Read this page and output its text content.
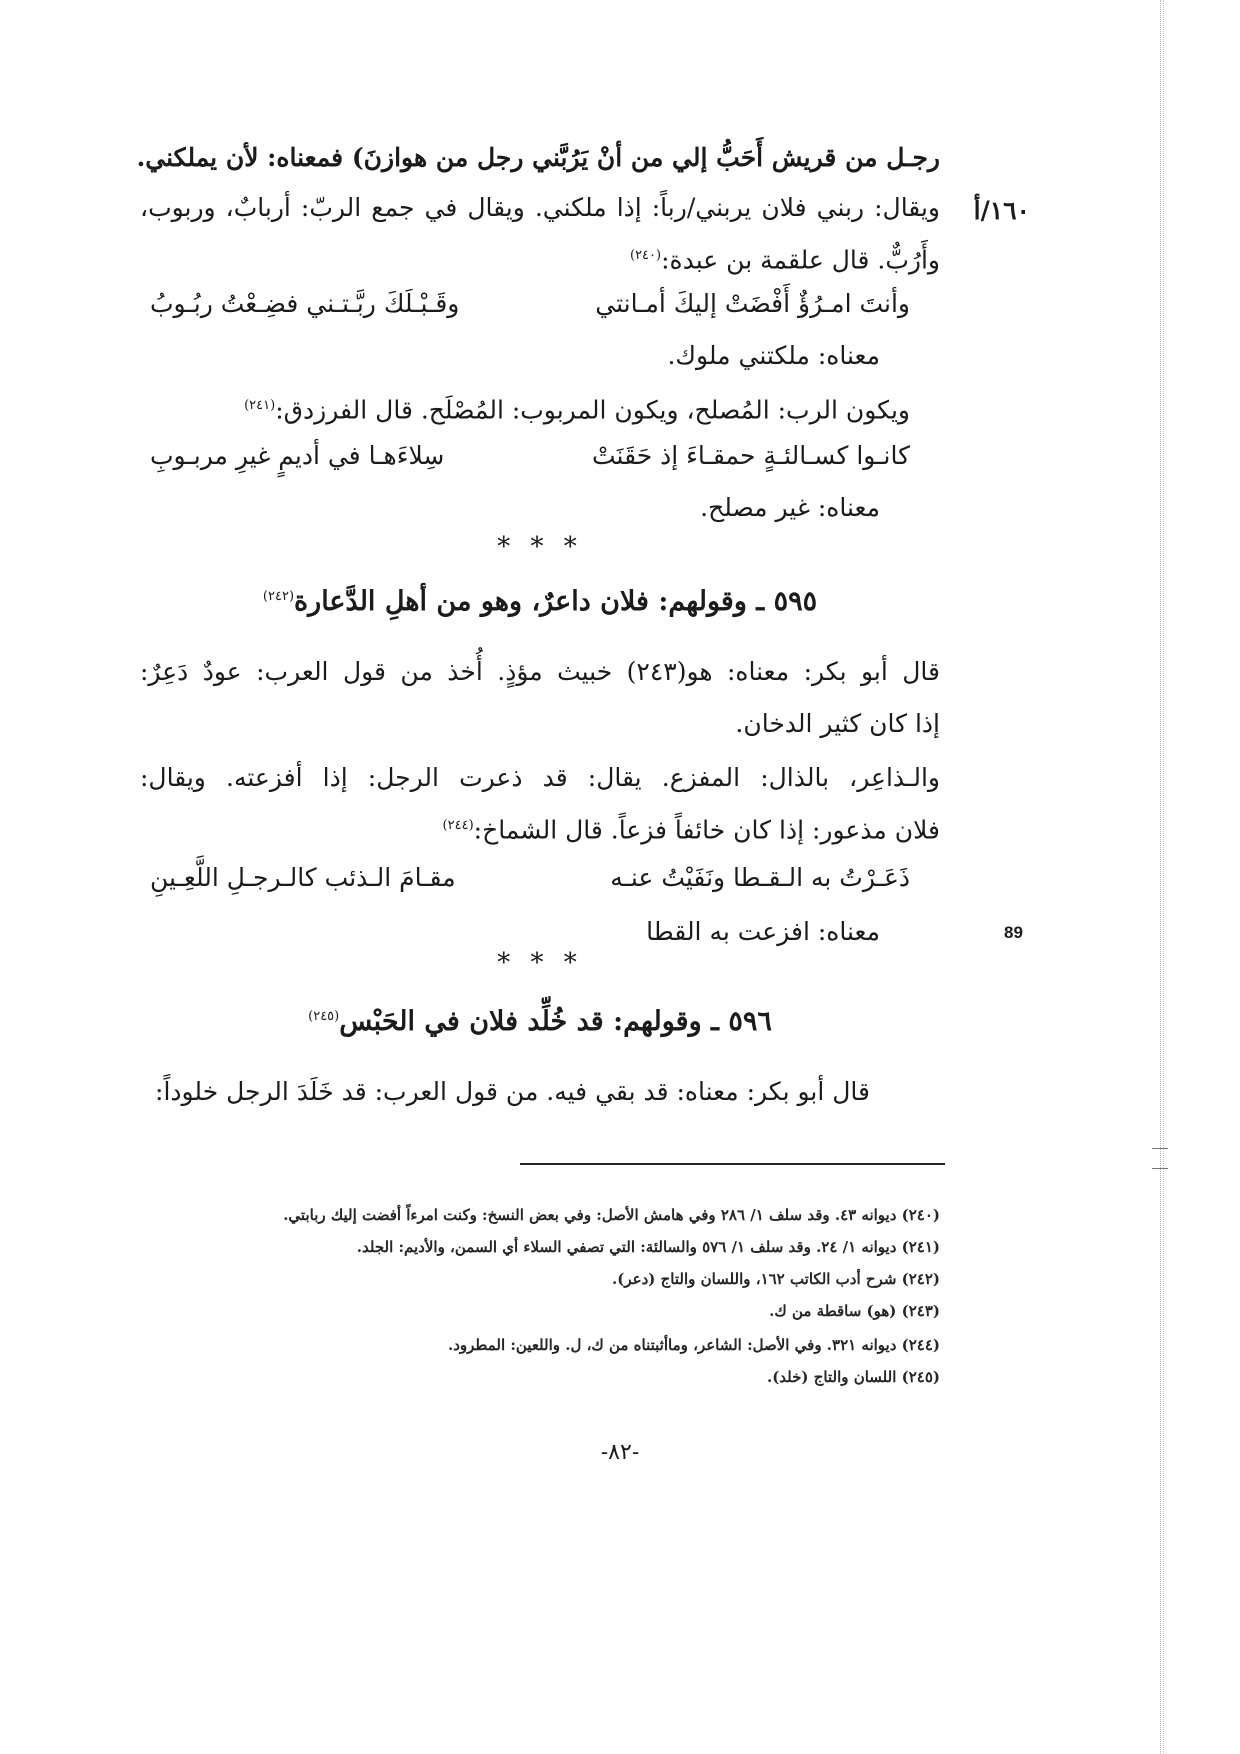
١٦٠/أ
رجـل من قريش أَحَبُّ إلي من أنْ يَرُبَّني رجل من هوازنَ) فمعناه: لأن يملكني.
ويقال: ربني فلان يربني/رباً: إذا ملكني. ويقال في جمع الربّ: أربابٌ، وربوب،
وأَرُبٌّ. قال علقمة بن عبدة:$^{(٢٤٠)}$
وأنتَ امـرُؤٌ أَفْضَتْ إليكَ أمـانتي
وقَـبْـلَكَ ربَّـتـني فضِـعْتُ ربُـوبُ
معناه: ملكتني ملوك.
ويكون الرب: المُصلح، ويكون المربوب: المُصْلَح. قال الفرزدق:$^{(٢٤١)}$
كانـوا كسـالئـةٍ حمقـاءَ إذ حَقَنَتْ
سِلاءَهـا في أديمٍ غيرِ مربـوبِ
معناه: غير مصلح.
* * *
٥٩٥ ـ وقولهم: فلان داعرٌ، وهو من أهلِ الدَّعارة$^{(٢٤٢)}$
قال أبو بكر: معناه: هو(٢٤٣) خبيث مؤذٍ. أُخذ من قول العرب: عودٌ دَعِرٌ:
إذا كان كثير الدخان.
والـذاعِر، بالذال: المفزع. يقال: قد ذعرت الرجل: إذا أفزعته. ويقال:
فلان مذعور: إذا كان خائفاً فزعاً. قال الشماخ:$^{(٢٤٤)}$
ذَعَـرْتُ به الـقـطا ونَفَيْتُ عنـه
مقـامَ الـذئب كالـرجـلِ اللَّعِـينِ
معناه: افزعت به القطا
* * *
٥٩٦ ـ وقولهم: قد خُلِّد فلان في الحَبْس$^{(٢٤٥)}$
قال أبو بكر: معناه: قد بقي فيه. من قول العرب: قد خَلَدَ الرجل خلوداً:
89
(٢٤٠) ديوانه ٤٣. وقد سلف ١/ ٢٨٦ وفي هامش الأصل: وفي بعض النسخ: وكنت امرءاً أفضت إليك ربابتي.
(٢٤١) ديوانه ١/ ٢٤. وقد سلف ١/ ٥٧٦ والسالئة: التي تصفي السلاء أي السمن، والأديم: الجلد.
(٢٤٢) شرح أدب الكاتب ١٦٢، واللسان والتاج (دعر).
(٢٤٣) (هو) ساقطة من ك.
(٢٤٤) ديوانه ٣٢١. وفي الأصل: الشاعر، وماأثبتناه من ك، ل. واللعين: المطرود.
(٢٤٥) اللسان والتاج (خلد).
-٨٢-
